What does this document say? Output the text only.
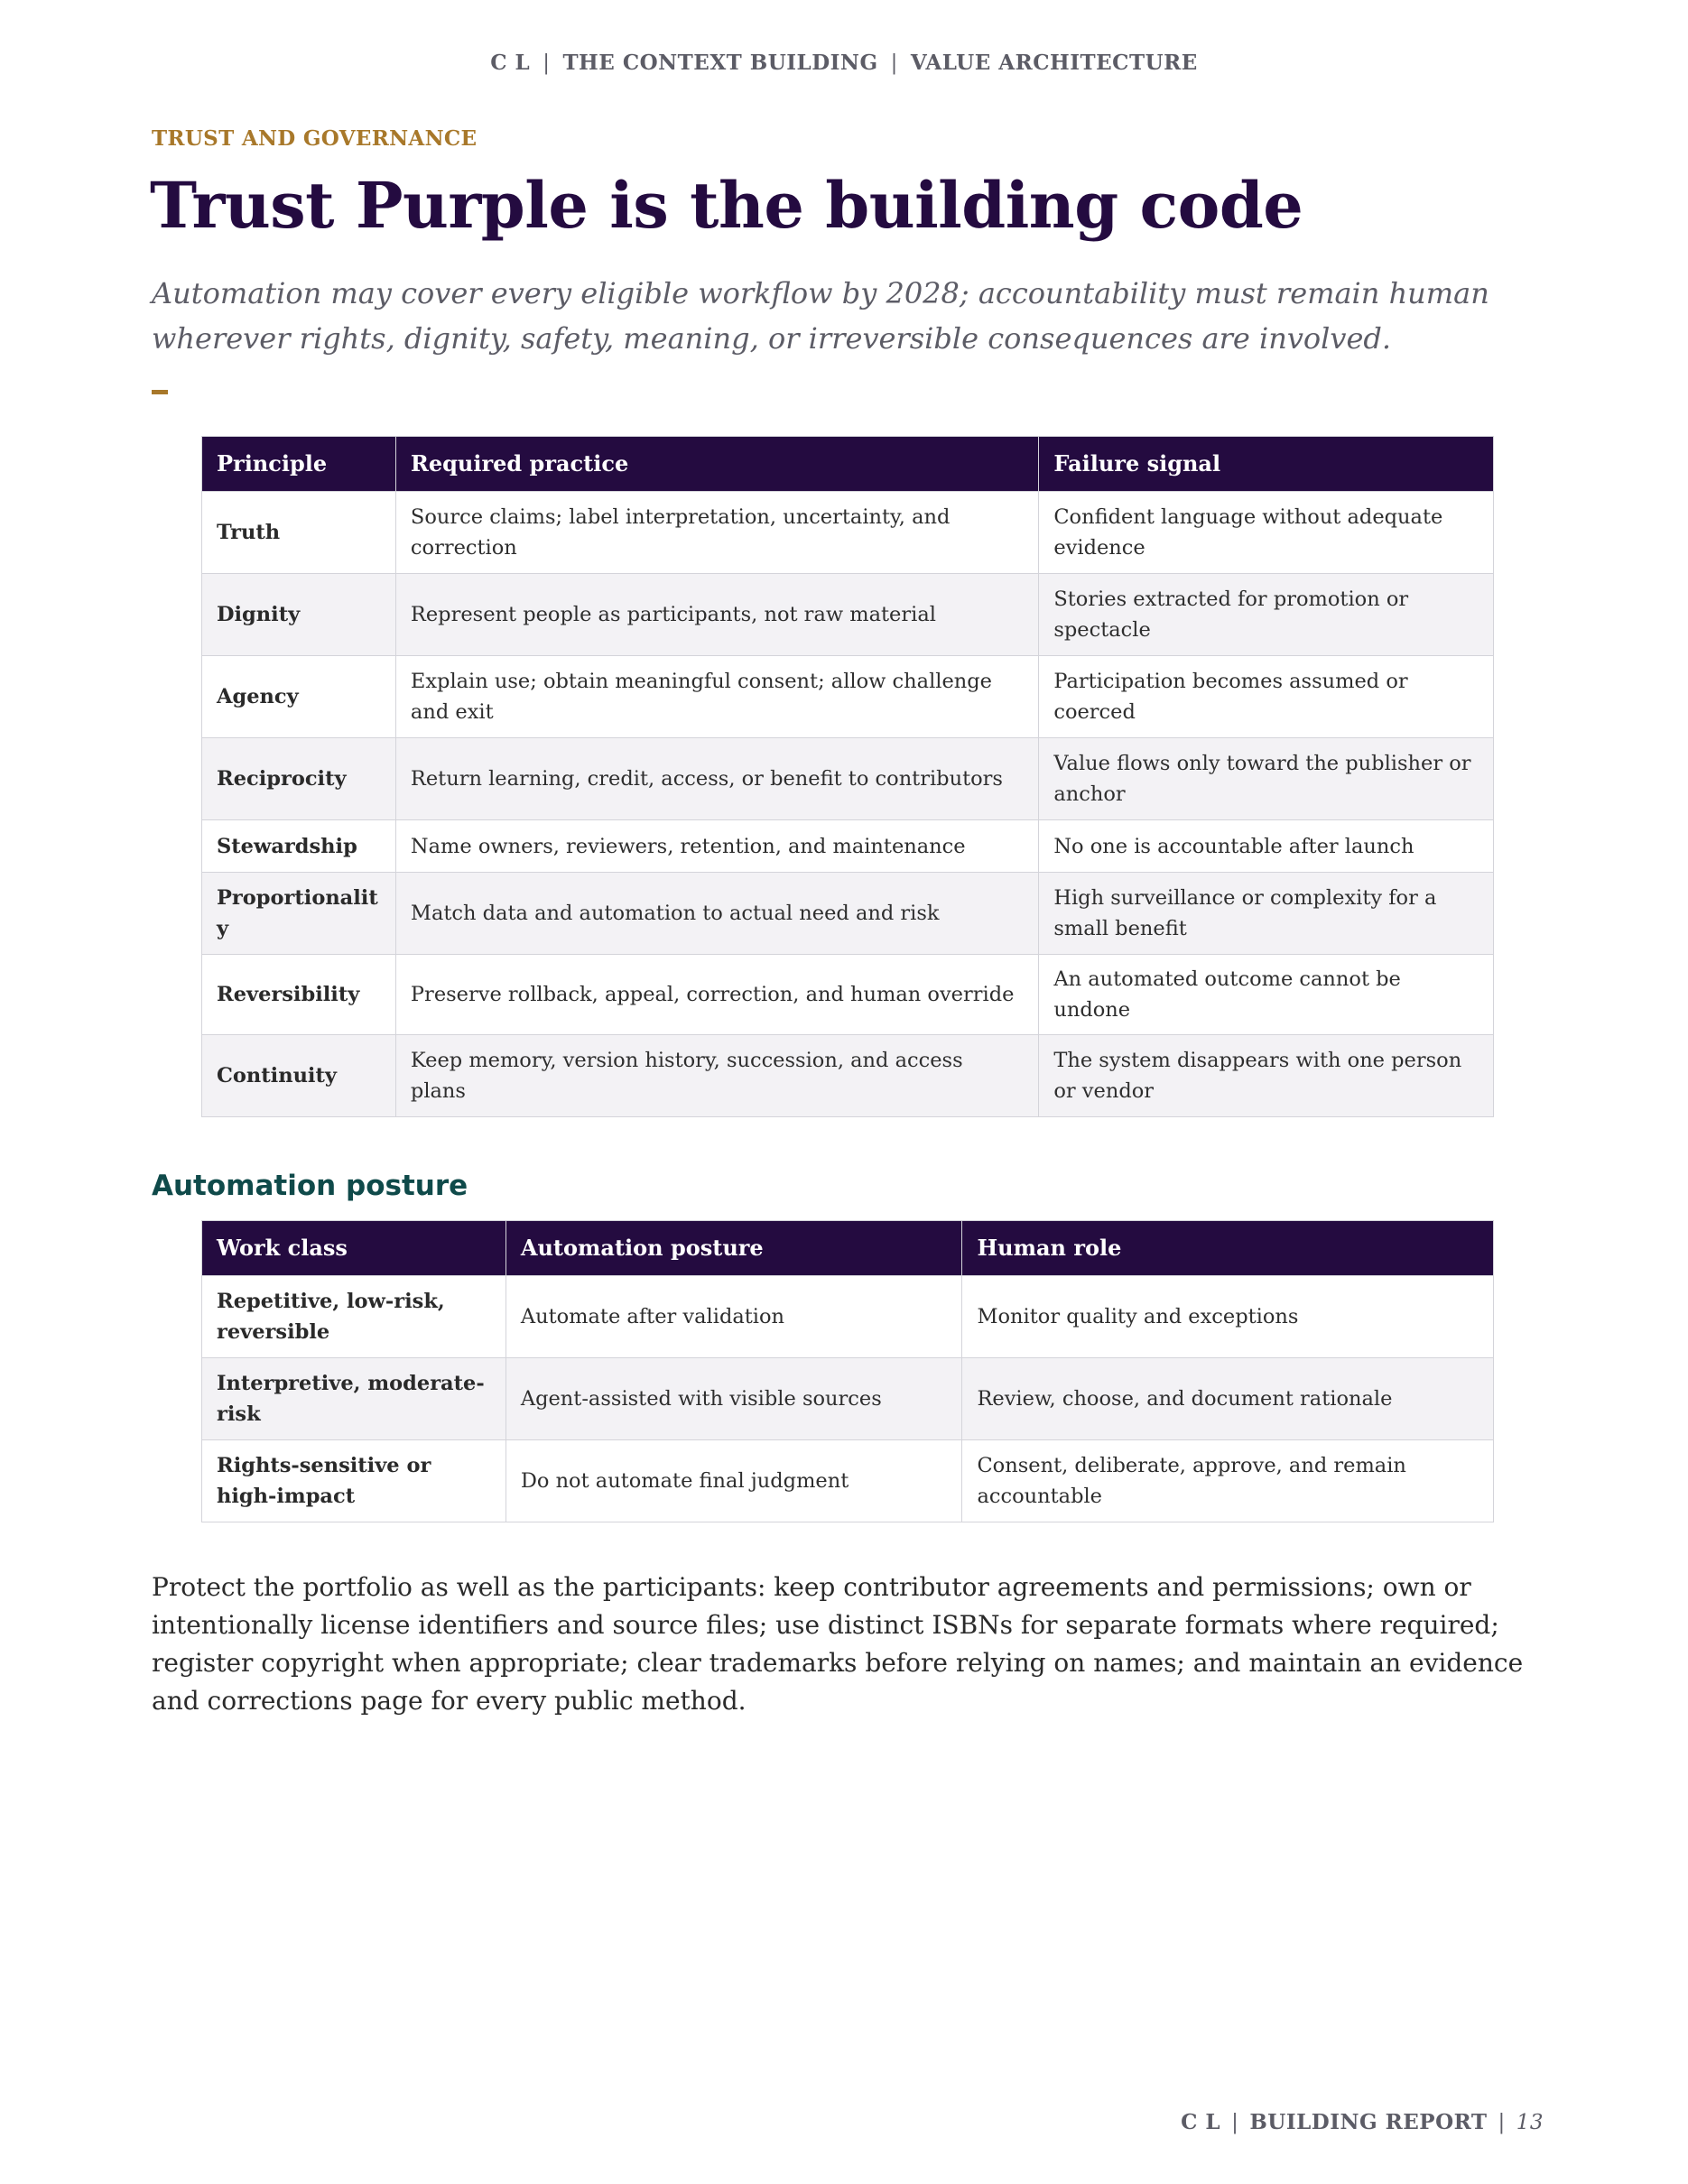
C L | THE CONTEXT BUILDING | VALUE ARCHITECTURE
TRUST AND GOVERNANCE
Trust Purple is the building code
Automation may cover every eligible workflow by 2028; accountability must remain human wherever rights, dignity, safety, meaning, or irreversible consequences are involved.
Principle	Required practice	Failure signal
Truth	Source claims; label interpretation, uncertainty, and correction	Confident language without adequate evidence
Dignity	Represent people as participants, not raw material	Stories extracted for promotion or spectacle
Agency	Explain use; obtain meaningful consent; allow challenge and exit	Participation becomes assumed or coerced
Reciprocity	Return learning, credit, access, or benefit to contributors	Value flows only toward the publisher or anchor
Stewardship	Name owners, reviewers, retention, and maintenance	No one is accountable after launch
Proportionality	Match data and automation to actual need and risk	High surveillance or complexity for a small benefit
Reversibility	Preserve rollback, appeal, correction, and human override	An automated outcome cannot be undone
Continuity	Keep memory, version history, succession, and access plans	The system disappears with one person or vendor
Automation posture
Work class	Automation posture	Human role
Repetitive, low-risk, reversible	Automate after validation	Monitor quality and exceptions
Interpretive, moderate-risk	Agent-assisted with visible sources	Review, choose, and document rationale
Rights-sensitive or high-impact	Do not automate final judgment	Consent, deliberate, approve, and remain accountable

Protect the portfolio as well as the participants: keep contributor agreements and permissions; own or intentionally license identifiers and source files; use distinct ISBNs for separate formats where required; register copyright when appropriate; clear trademarks before relying on names; and maintain an evidence and corrections page for every public method.

C L | BUILDING REPORT | 13
